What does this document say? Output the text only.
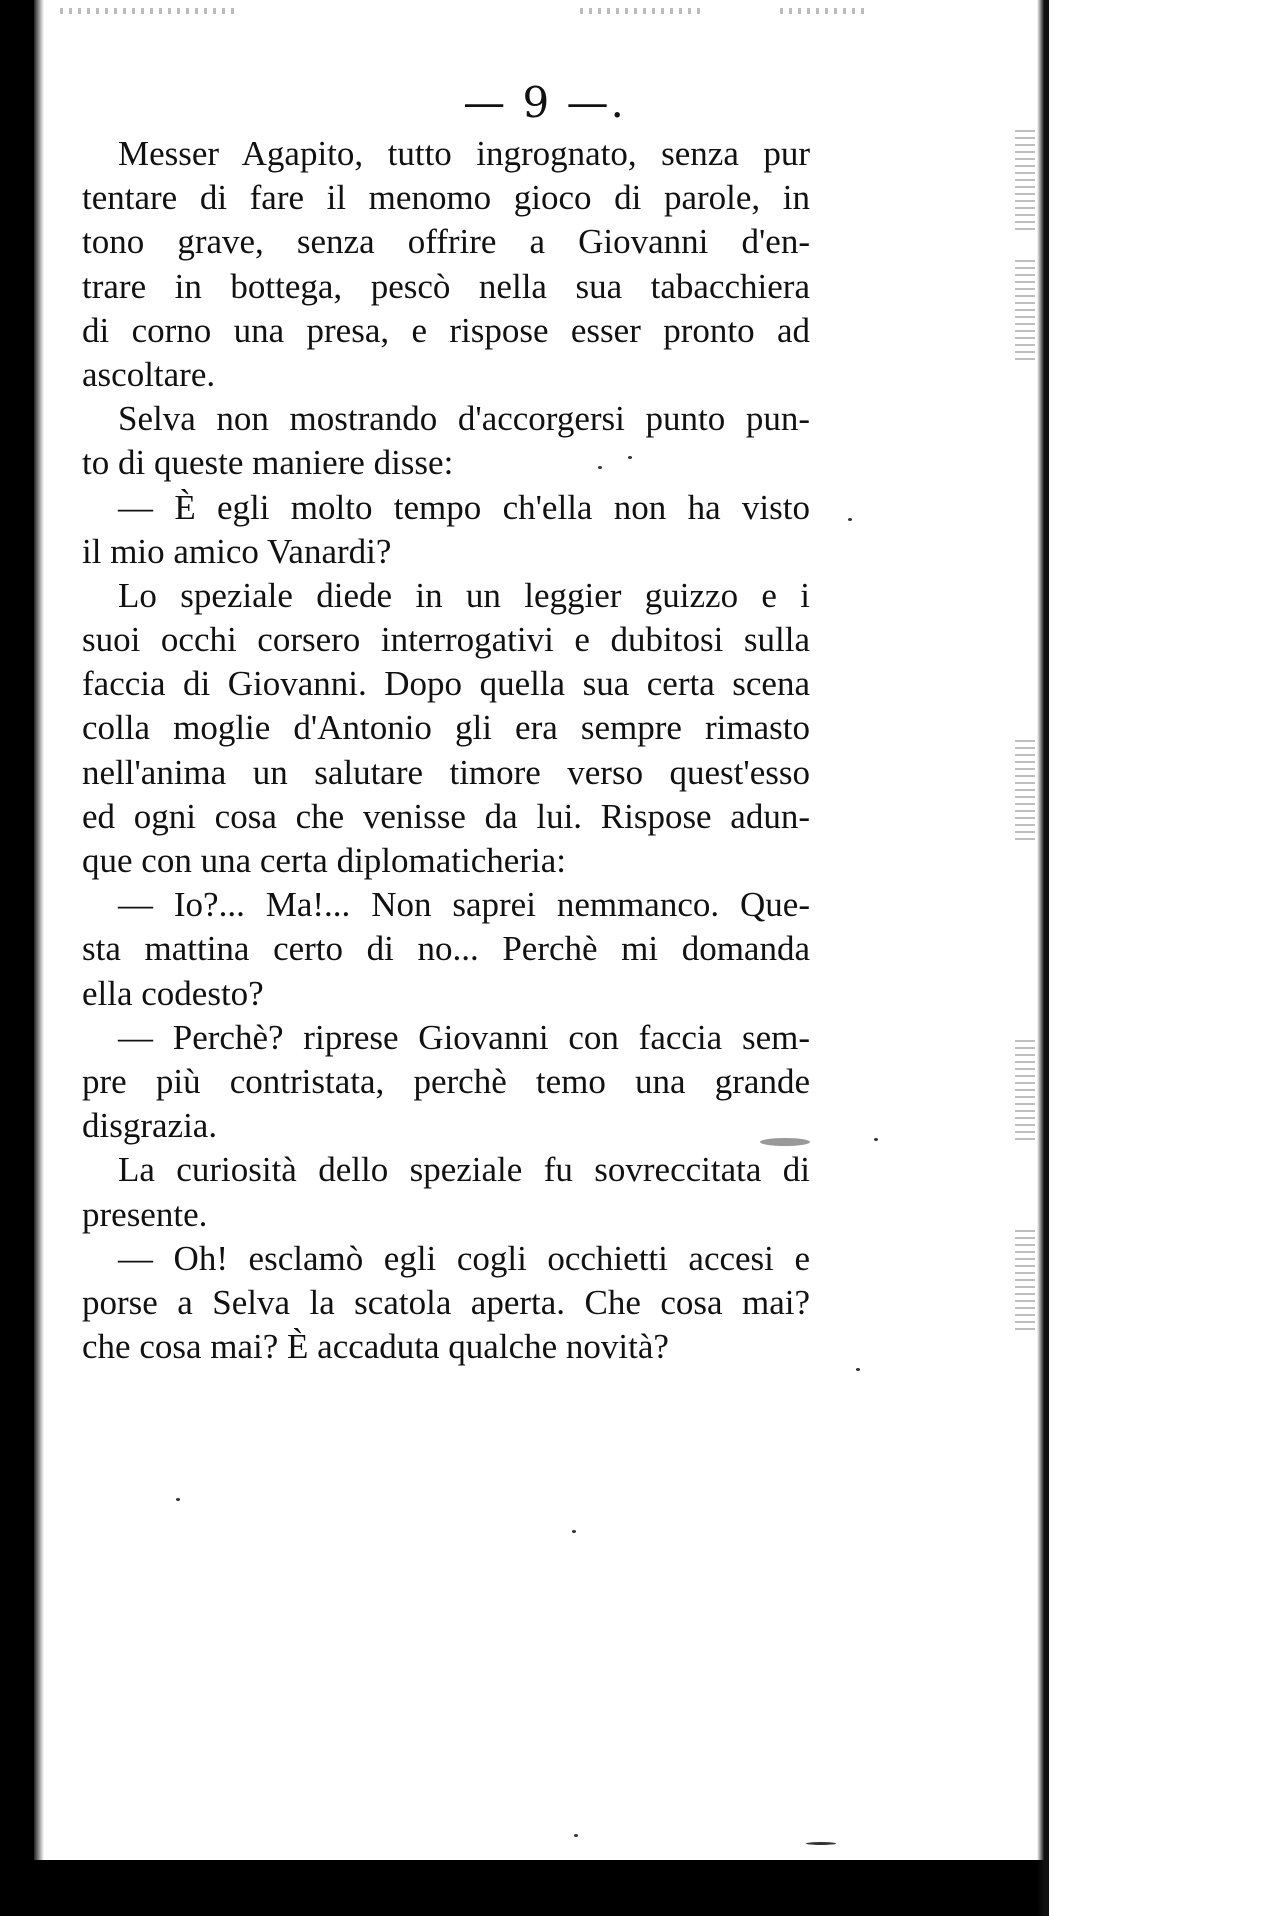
— 9 —.
Messer Agapito, tutto ingrognato, senza pur
tentare di fare il menomo gioco di parole, in
tono grave, senza offrire a Giovanni d'en-
trare in bottega, pescò nella sua tabacchiera
di corno una presa, e rispose esser pronto ad
ascoltare.
Selva non mostrando d'accorgersi punto pun-
to di queste maniere disse:
— È egli molto tempo ch'ella non ha visto
il mio amico Vanardi?
Lo speziale diede in un leggier guizzo e i
suoi occhi corsero interrogativi e dubitosi sulla
faccia di Giovanni. Dopo quella sua certa scena
colla moglie d'Antonio gli era sempre rimasto
nell'anima un salutare timore verso quest'esso
ed ogni cosa che venisse da lui. Rispose adun-
que con una certa diplomaticheria:
— Io?... Ma!... Non saprei nemmanco. Que-
sta mattina certo di no... Perchè mi domanda
ella codesto?
— Perchè? riprese Giovanni con faccia sem-
pre più contristata, perchè temo una grande
disgrazia.
La curiosità dello speziale fu sovreccitata di
presente.
— Oh! esclamò egli cogli occhietti accesi e
porse a Selva la scatola aperta. Che cosa mai?
che cosa mai? È accaduta qualche novità?
